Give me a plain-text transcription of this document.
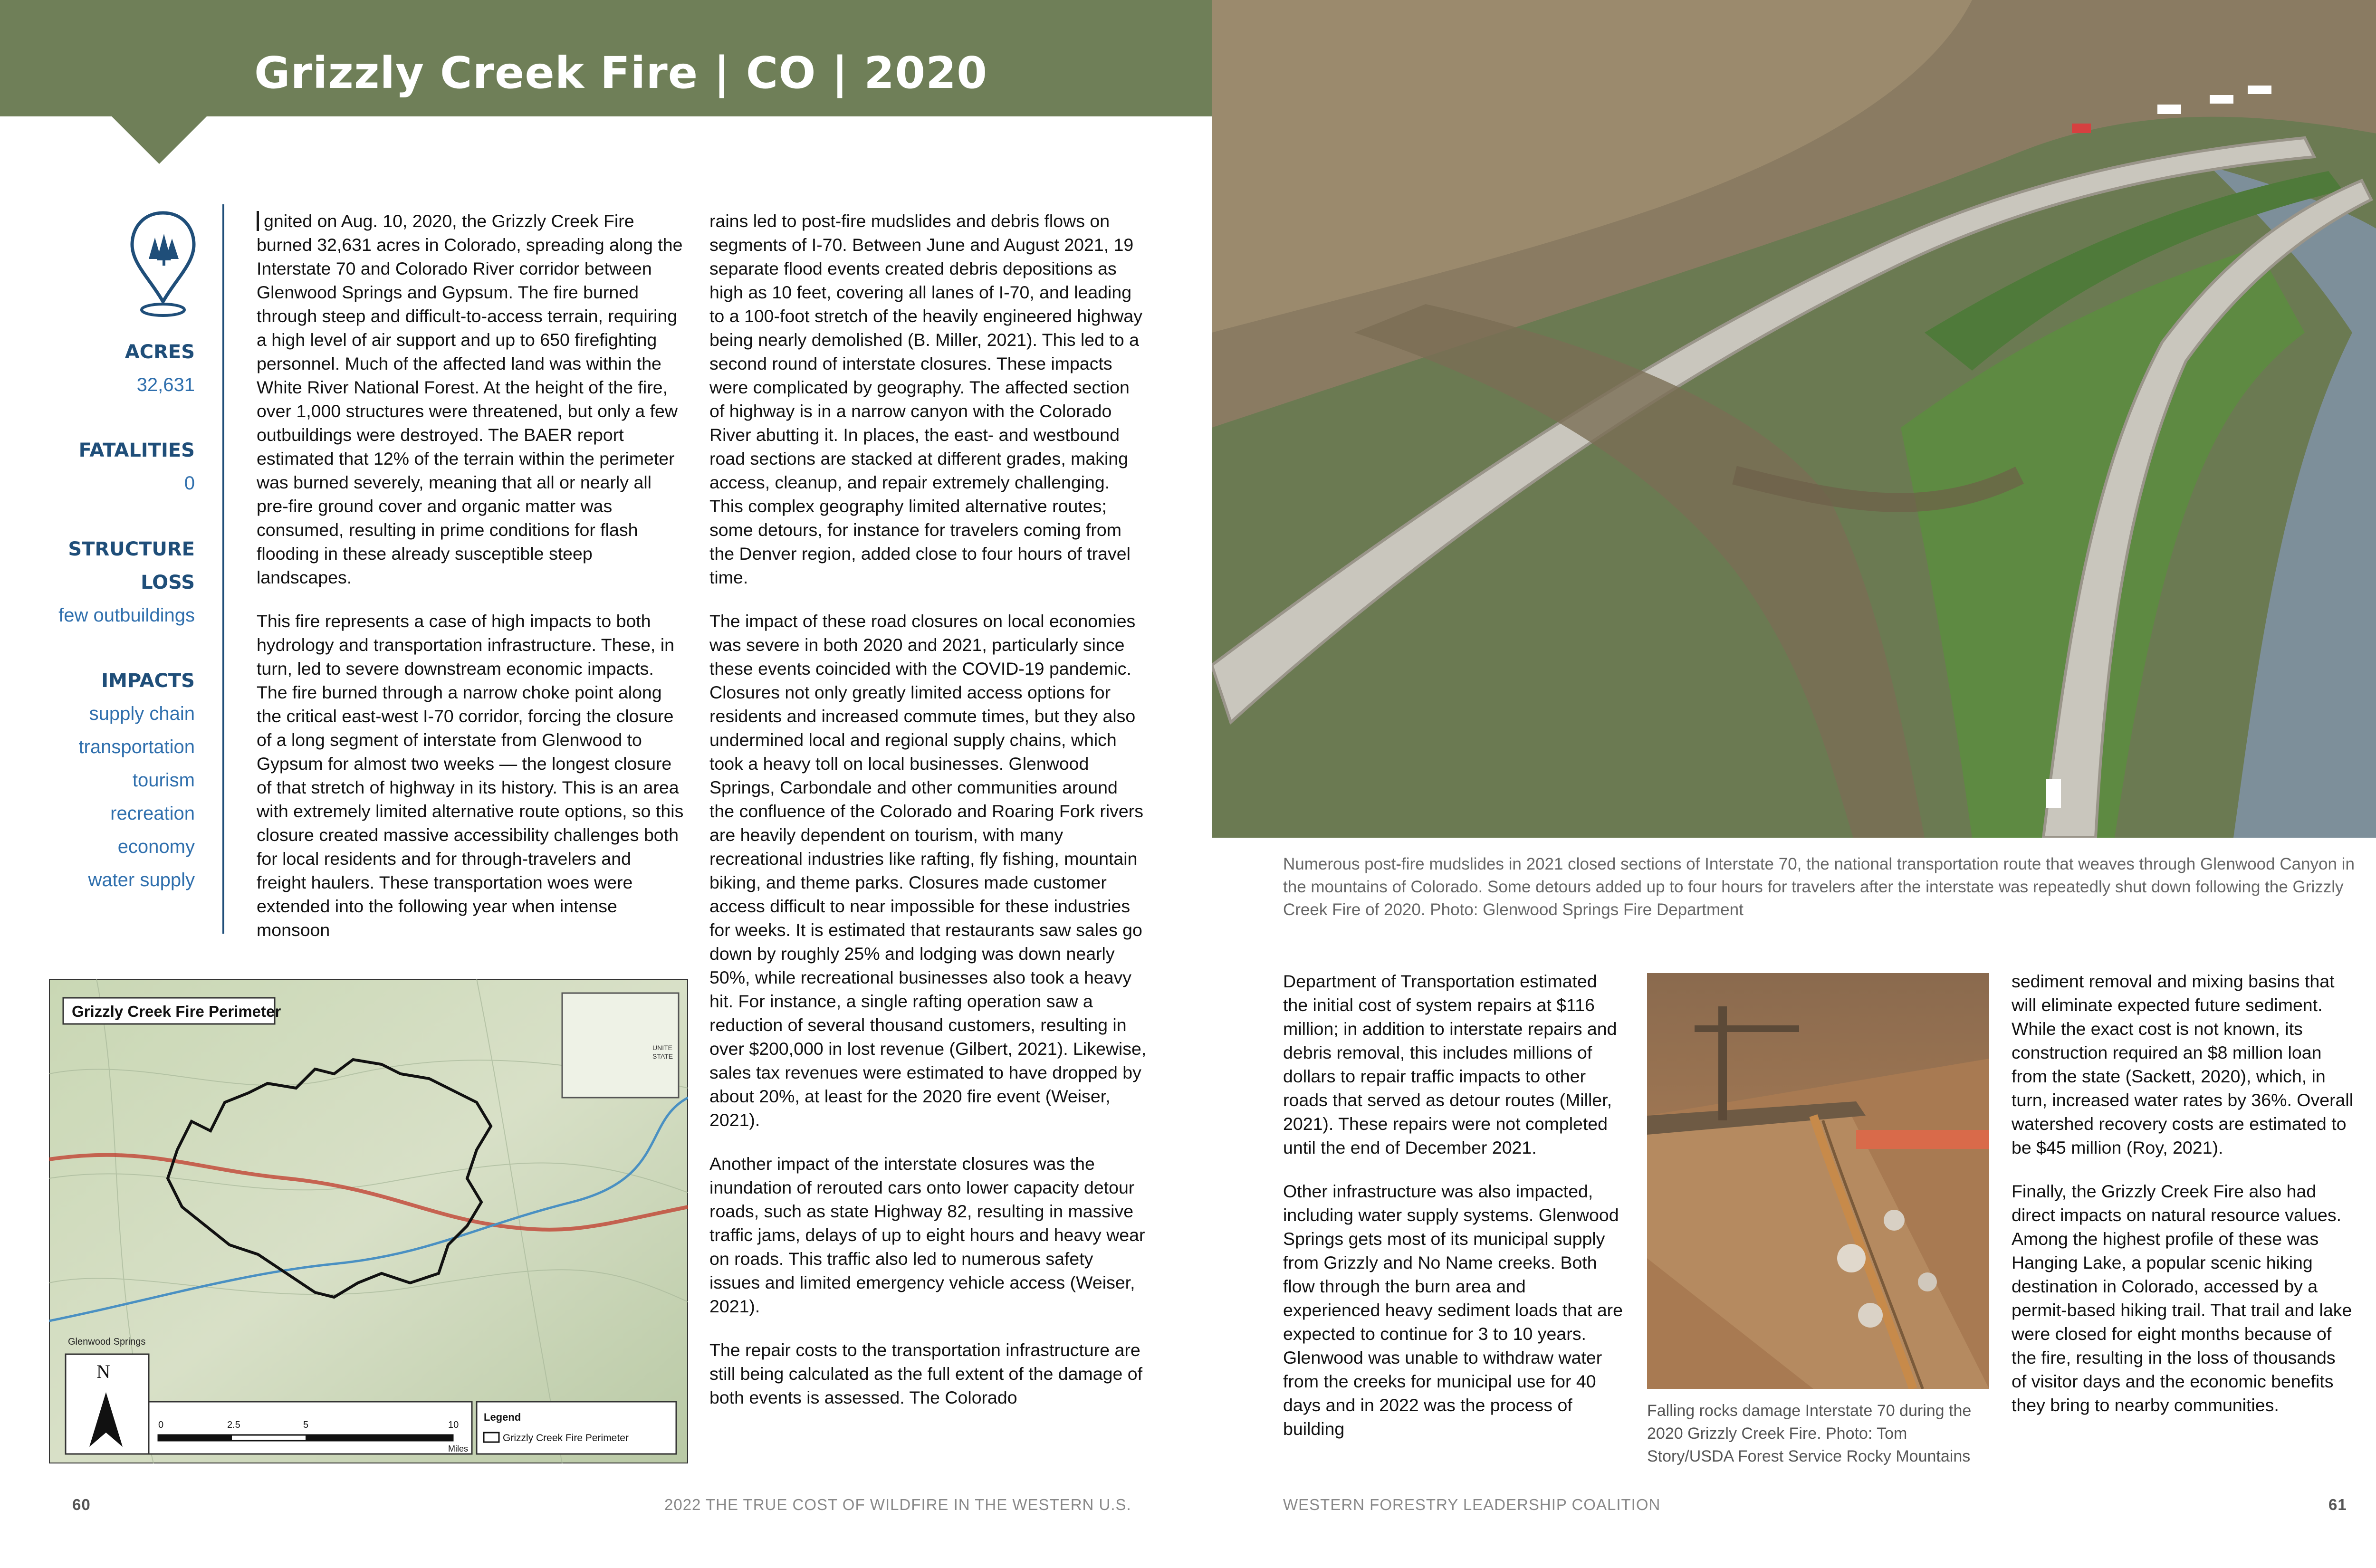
Grizzly Creek Fire | CO | 2020
ACRES
32,631
FATALITIES
0
STRUCTURE
LOSS
few outbuildings
IMPACTS
supply chain
transportation
tourism
recreation
economy
water supply

gnited on Aug. 10, 2020, the Grizzly Creek Fire burned 32,631 acres in Colorado, spreading along the Interstate 70 and Colorado River corridor between Glenwood Springs and Gypsum. The fire burned through steep and difficult-to-access terrain, requiring a high level of air support and up to 650 firefighting personnel. Much of the affected land was within the White River National Forest. At the height of the fire, over 1,000 structures were threatened, but only a few outbuildings were destroyed. The BAER report estimated that 12% of the terrain within the perimeter was burned severely, meaning that all or nearly all pre-fire ground cover and organic matter was consumed, resulting in prime conditions for flash flooding in these already susceptible steep landscapes.

This fire represents a case of high impacts to both hydrology and transportation infrastructure. These, in turn, led to severe downstream economic impacts. The fire burned through a narrow choke point along the critical east-west I-70 corridor, forcing the closure of a long segment of interstate from Glenwood to Gypsum for almost two weeks — the longest closure of that stretch of highway in its history. This is an area with extremely limited alternative route options, so this closure created massive accessibility challenges both for local residents and for through-travelers and freight haulers. These transportation woes were extended into the following year when intense monsoon

rains led to post-fire mudslides and debris flows on segments of I-70. Between June and August 2021, 19 separate flood events created debris depositions as high as 10 feet, covering all lanes of I-70, and leading to a 100-foot stretch of the heavily engineered highway being nearly demolished (B. Miller, 2021). This led to a second round of interstate closures. These impacts were complicated by geography. The affected section of highway is in a narrow canyon with the Colorado River abutting it. In places, the east- and westbound road sections are stacked at different grades, making access, cleanup, and repair extremely challenging. This complex geography limited alternative routes; some detours, for instance for travelers coming from the Denver region, added close to four hours of travel time.

The impact of these road closures on local economies was severe in both 2020 and 2021, particularly since these events coincided with the COVID-19 pandemic. Closures not only greatly limited access options for residents and increased commute times, but they also undermined local and regional supply chains, which took a heavy toll on local businesses. Glenwood Springs, Carbondale and other communities around the confluence of the Colorado and Roaring Fork rivers are heavily dependent on tourism, with many recreational industries like rafting, fly fishing, mountain biking, and theme parks. Closures made customer access difficult to near impossible for these industries for weeks. It is estimated that restaurants saw sales go down by roughly 25% and lodging was down nearly 50%, while recreational businesses also took a heavy hit. For instance, a single rafting operation saw a reduction of several thousand customers, resulting in over $200,000 in lost revenue (Gilbert, 2021). Likewise, sales tax revenues were estimated to have dropped by about 20%, at least for the 2020 fire event (Weiser, 2021).

Another impact of the interstate closures was the inundation of rerouted cars onto lower capacity detour roads, such as state Highway 82, resulting in massive traffic jams, delays of up to eight hours and heavy wear on roads. This traffic also led to numerous safety issues and limited emergency vehicle access (Weiser, 2021).

The repair costs to the transportation infrastructure are still being calculated as the full extent of the damage of both events is assessed. The Colorado

Grizzly Creek Fire Perimeter
UNITE
STATE
Glenwood Springs
N
0	2.5	5	10
Miles
Legend
Grizzly Creek Fire Perimeter
Numerous post-fire mudslides in 2021 closed sections of Interstate 70, the national transportation route that weaves through Glenwood Canyon in the mountains of Colorado. Some detours added up to four hours for travelers after the interstate was repeatedly shut down following the Grizzly Creek Fire of 2020. Photo: Glenwood Springs Fire Department

Department of Transportation estimated the initial cost of system repairs at $116 million; in addition to interstate repairs and debris removal, this includes millions of dollars to repair traffic impacts to other roads that served as detour routes (Miller, 2021). These repairs were not completed until the end of December 2021.

Other infrastructure was also impacted, including water supply systems. Glenwood Springs gets most of its municipal supply from Grizzly and No Name creeks. Both flow through the burn area and experienced heavy sediment loads that are expected to continue for 3 to 10 years. Glenwood was unable to withdraw water from the creeks for municipal use for 40 days and in 2022 was the process of building

Falling rocks damage Interstate 70 during the 2020 Grizzly Creek Fire. Photo: Tom Story/USDA Forest Service Rocky Mountains

sediment removal and mixing basins that will eliminate expected future sediment. While the exact cost is not known, its construction required an $8 million loan from the state (Sackett, 2020), which, in turn, increased water rates by 36%. Overall watershed recovery costs are estimated to be $45 million (Roy, 2021).

Finally, the Grizzly Creek Fire also had direct impacts on natural resource values. Among the highest profile of these was Hanging Lake, a popular scenic hiking destination in Colorado, accessed by a permit-based hiking trail. That trail and lake were closed for eight months because of the fire, resulting in the loss of thousands of visitor days and the economic benefits they bring to nearby communities.

60	2022 THE TRUE COST OF WILDFIRE IN THE WESTERN U.S.	WESTERN FORESTRY LEADERSHIP COALITION	61
